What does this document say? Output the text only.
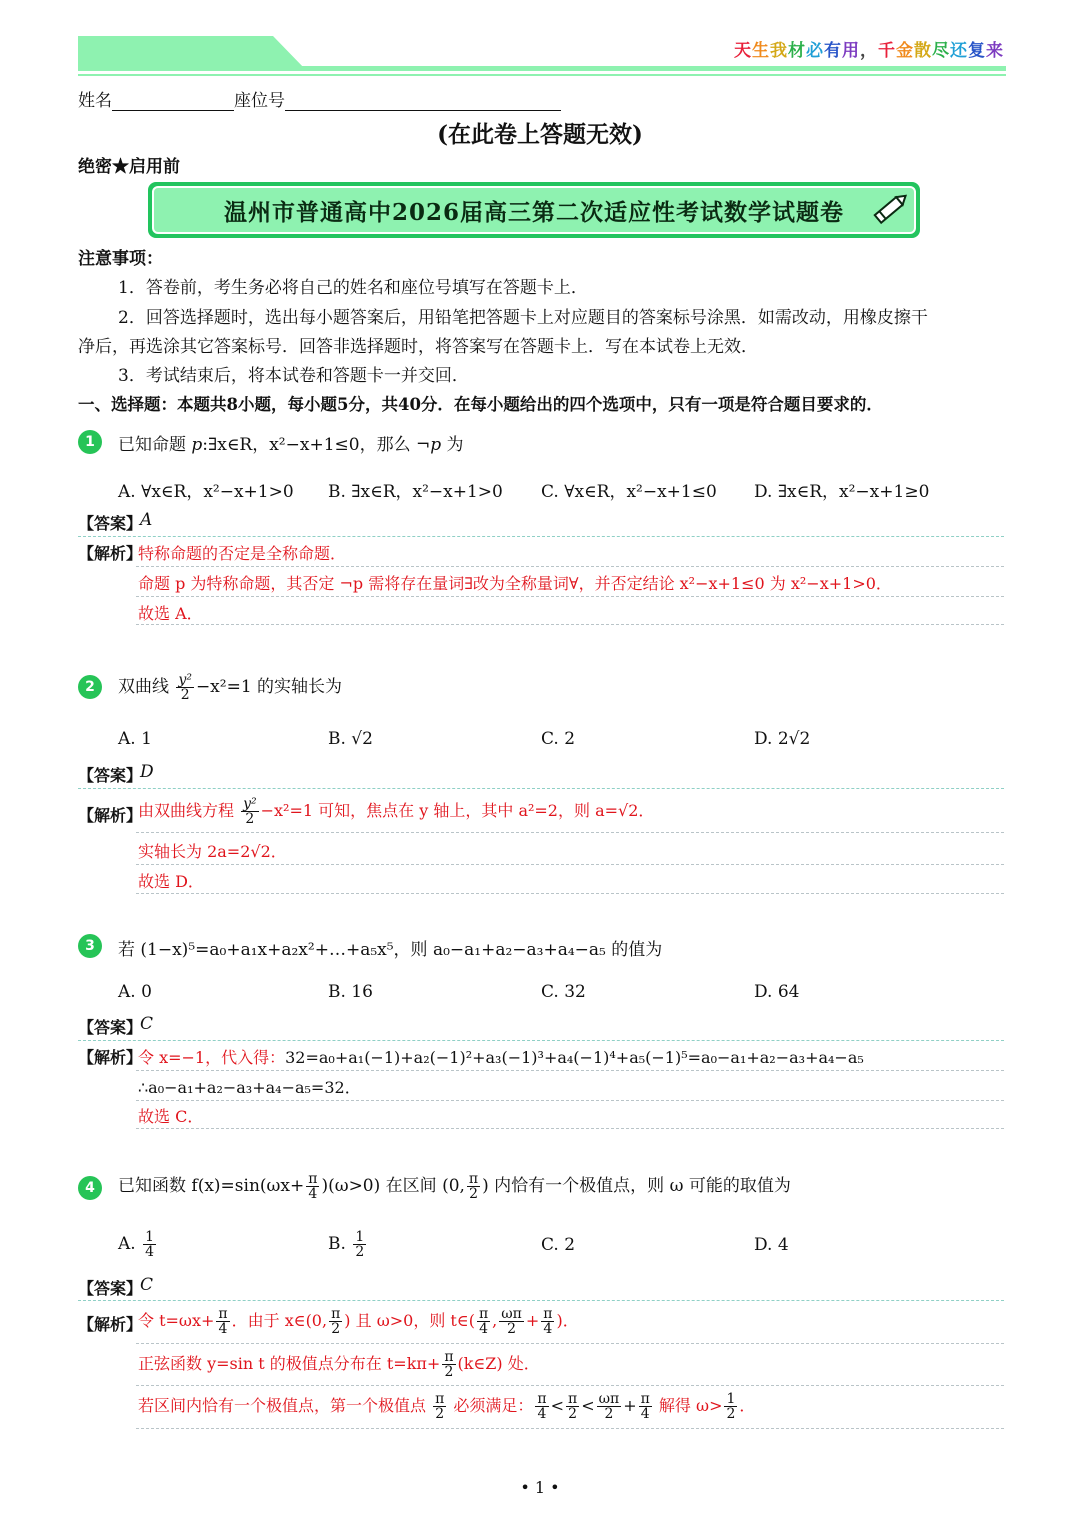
天生我材必有用，千金散尽还复来
姓名	座位号
(在此卷上答题无效)
绝密★启用前
温州市普通高中2026届高三第二次适应性考试数学试题卷
注意事项：
1．答卷前，考生务必将自己的姓名和座位号填写在答题卡上．
2．回答选择题时，选出每小题答案后，用铅笔把答题卡上对应题目的答案标号涂黑．如需改动，用橡皮擦干
净后，再选涂其它答案标号．回答非选择题时，将答案写在答题卡上．写在本试卷上无效．
3．考试结束后，将本试卷和答题卡一并交回．
一、选择题：本题共8小题，每小题5分，共40分．在每小题给出的四个选项中，只有一项是符合题目要求的．
1	已知命题 p:∃x∈R，x²−x+1≤0，那么 ¬p 为
A. ∀x∈R，x²−x+1>0 B. ∃x∈R，x²−x+1>0 C. ∀x∈R，x²−x+1≤0 D. ∃x∈R，x²−x+1≥0
【答案】
A
【解析】
特称命题的否定是全称命题．
命题 p 为特称命题，其否定 ¬p 需将存在量词∃改为全称量词∀，并否定结论 x²−x+1≤0 为 x²−x+1>0．
故选 A．
2	双曲线 $\frac{\text{y²}}{2} -x^2=1$ 的实轴长为
A. 1	B. √2	C. 2	D. 2√2
【答案】
D
【解析】
由双曲线方程 $\frac{\text{y²}}{2} -x^2=1$ 可知，焦点在 y 轴上，其中 a²=2，则 a=√2．
实轴长为 2a=2√2．
故选 D．
3	若 (1−x)⁵=a₀+a₁x+a₂x²+…+a₅x⁵，则 a₀−a₁+a₂−a₃+a₄−a₅ 的值为
A. 0	B. 16	C. 32	D. 64
【答案】
C
【解析】
令 x=−1，代入得：32=a₀+a₁(−1)+a₂(−1)²+a₃(−1)³+a₄(−1)⁴+a₅(−1)⁵=a₀−a₁+a₂−a₃+a₄−a₅
∴a₀−a₁+a₂−a₃+a₄−a₅=32．
故选 C．
4	已知函数 $f(x)=\sin(\omega x+ \frac{\pi}{4} )(\omega>0)$ 在区间 (0, $\frac{\pi}{2}$ ) 内恰有一个极值点，则 ω 可能的取值为
A. $\frac{1}{4}$	B. $\frac{1}{2}$	C. 2	D. 4
【答案】
C
【解析】
令 $t=\omega x+ \frac{\pi}{4}$ ．由于 x∈(0, $\frac{\pi}{2}$ ) 且 ω>0，则 t∈( $\frac{\pi}{4}$ , $\frac{\omega\pi}{2} + \frac{\pi}{4}$ )．
正弦函数 y=sin t 的极值点分布在 $t=k\pi+ \frac{\pi}{2}$ (k∈Z) 处．
若区间内恰有一个极值点，第一个极值点 $\frac{\pi}{2}$ 必须满足： $\frac{\pi}{4} < \frac{\pi}{2} < \frac{\omega\pi}{2} + \frac{\pi}{4}$ 解得 $\omega> \frac{1}{2}$ ．
• 1 •
